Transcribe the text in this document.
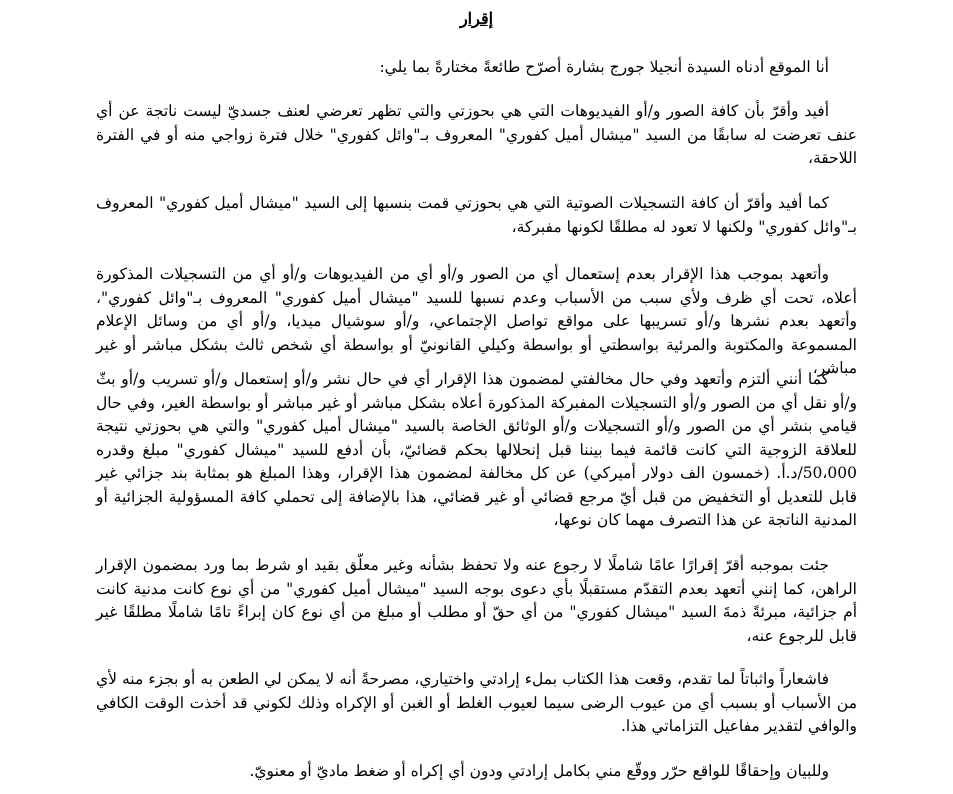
إقرار

أنا الموقع أدناه السيدة أنجيلا جورج بشارة أصرّح طائعةً مختارةً بما يلي:

أفيد وأقرّ بأن كافة الصور و/أو الفيديوهات التي هي بحوزتي والتي تظهر تعرضي لعنف جسديّ ليست ناتجة عن أي عنف تعرضت له سابقًا من السيد "ميشال أميل كفوري" المعروف بـ"وائل كفوري" خلال فترة زواجي منه أو في الفترة اللاحقة،

كما أفيد وأقرّ أن كافة التسجيلات الصوتية التي هي بحوزتي قمت بنسبها إلى السيد "ميشال أميل كفوري" المعروف بـ"وائل كفوري" ولكنها لا تعود له مطلقًا لكونها مفبركة،

وأتعهد بموجب هذا الإقرار بعدم إستعمال أي من الصور و/أو أي من الفيديوهات و/أو أي من التسجيلات المذكورة أعلاه، تحت أي ظرف ولأي سبب من الأسباب وعدم نسبها للسيد "ميشال أميل كفوري" المعروف بـ"وائل كفوري"، وأتعهد بعدم نشرها و/أو تسريبها على مواقع تواصل الإجتماعي، و/أو سوشيال ميديا، و/أو أي من وسائل الإعلام المسموعة والمكتوبة والمرئية بواسطتي أو بواسطة وكيلي القانونيّ أو بواسطة أي شخص ثالث بشكل مباشر أو غير مباشر،

كما أنني ألتزم وأتعهد وفي حال مخالفتي لمضمون هذا الإقرار أي في حال نشر و/أو إستعمال و/أو تسريب و/أو بثّ و/أو نقل أي من الصور و/أو التسجيلات المفبركة المذكورة أعلاه بشكل مباشر أو غير مباشر أو بواسطة الغير، وفي حال قيامي بنشر أي من الصور و/أو التسجيلات و/أو الوثائق الخاصة بالسيد "ميشال أميل كفوري" والتي هي بحوزتي نتيجة للعلاقة الزوجية التي كانت قائمة فيما بيننا قبل إنحلالها بحكم قضائيّ، بأن أدفع للسيد "ميشال كفوري" مبلغ وقدره 50،000/د.أ. (خمسون الف دولار أميركي) عن كل مخالفة لمضمون هذا الإقرار، وهذا المبلغ هو بمثابة بند جزائي غير قابل للتعديل أو التخفيض من قبل أيّ مرجع قضائي أو غير قضائي، هذا بالإضافة إلى تحملي كافة المسؤولية الجزائية أو المدنية الناتجة عن هذا التصرف مهما كان نوعها،

جئت بموجبه أقرّ إقرارًا عامًا شاملًا لا رجوع عنه ولا تحفظ بشأنه وغير معلّق بقيد او شرط بما ورد بمضمون الإقرار الراهن، كما إنني أتعهد بعدم التقدّم مستقبلًا بأي دعوى بوجه السيد "ميشال أميل كفوري" من أي نوع كانت مدنية كانت أم جزائية، مبرئةً ذمةَ السيد "ميشال كفوري" من أي حقّ أو مطلب أو مبلغ من أي نوع كان إبراءً تامًا شاملًا مطلقًا غير قابل للرجوع عنه،

فاشعاراً واثباتاً لما تقدم، وقعت هذا الكتاب بملء إرادتي واختياري، مصرحةً أنه لا يمكن لي الطعن به أو بجزء منه لأي من الأسباب أو بسبب أي من عيوب الرضى سيما لعيوب الغلط أو الغبن أو الإكراه وذلك لكوني قد أخذت الوقت الكافي والوافي لتقدير مفاعيل التزاماتي هذا.

وللبيان وإحقاقًا للواقع حرّر ووقّع مني بكامل إرادتي ودون أي إكراه أو ضغط ماديّ أو معنويّ.
